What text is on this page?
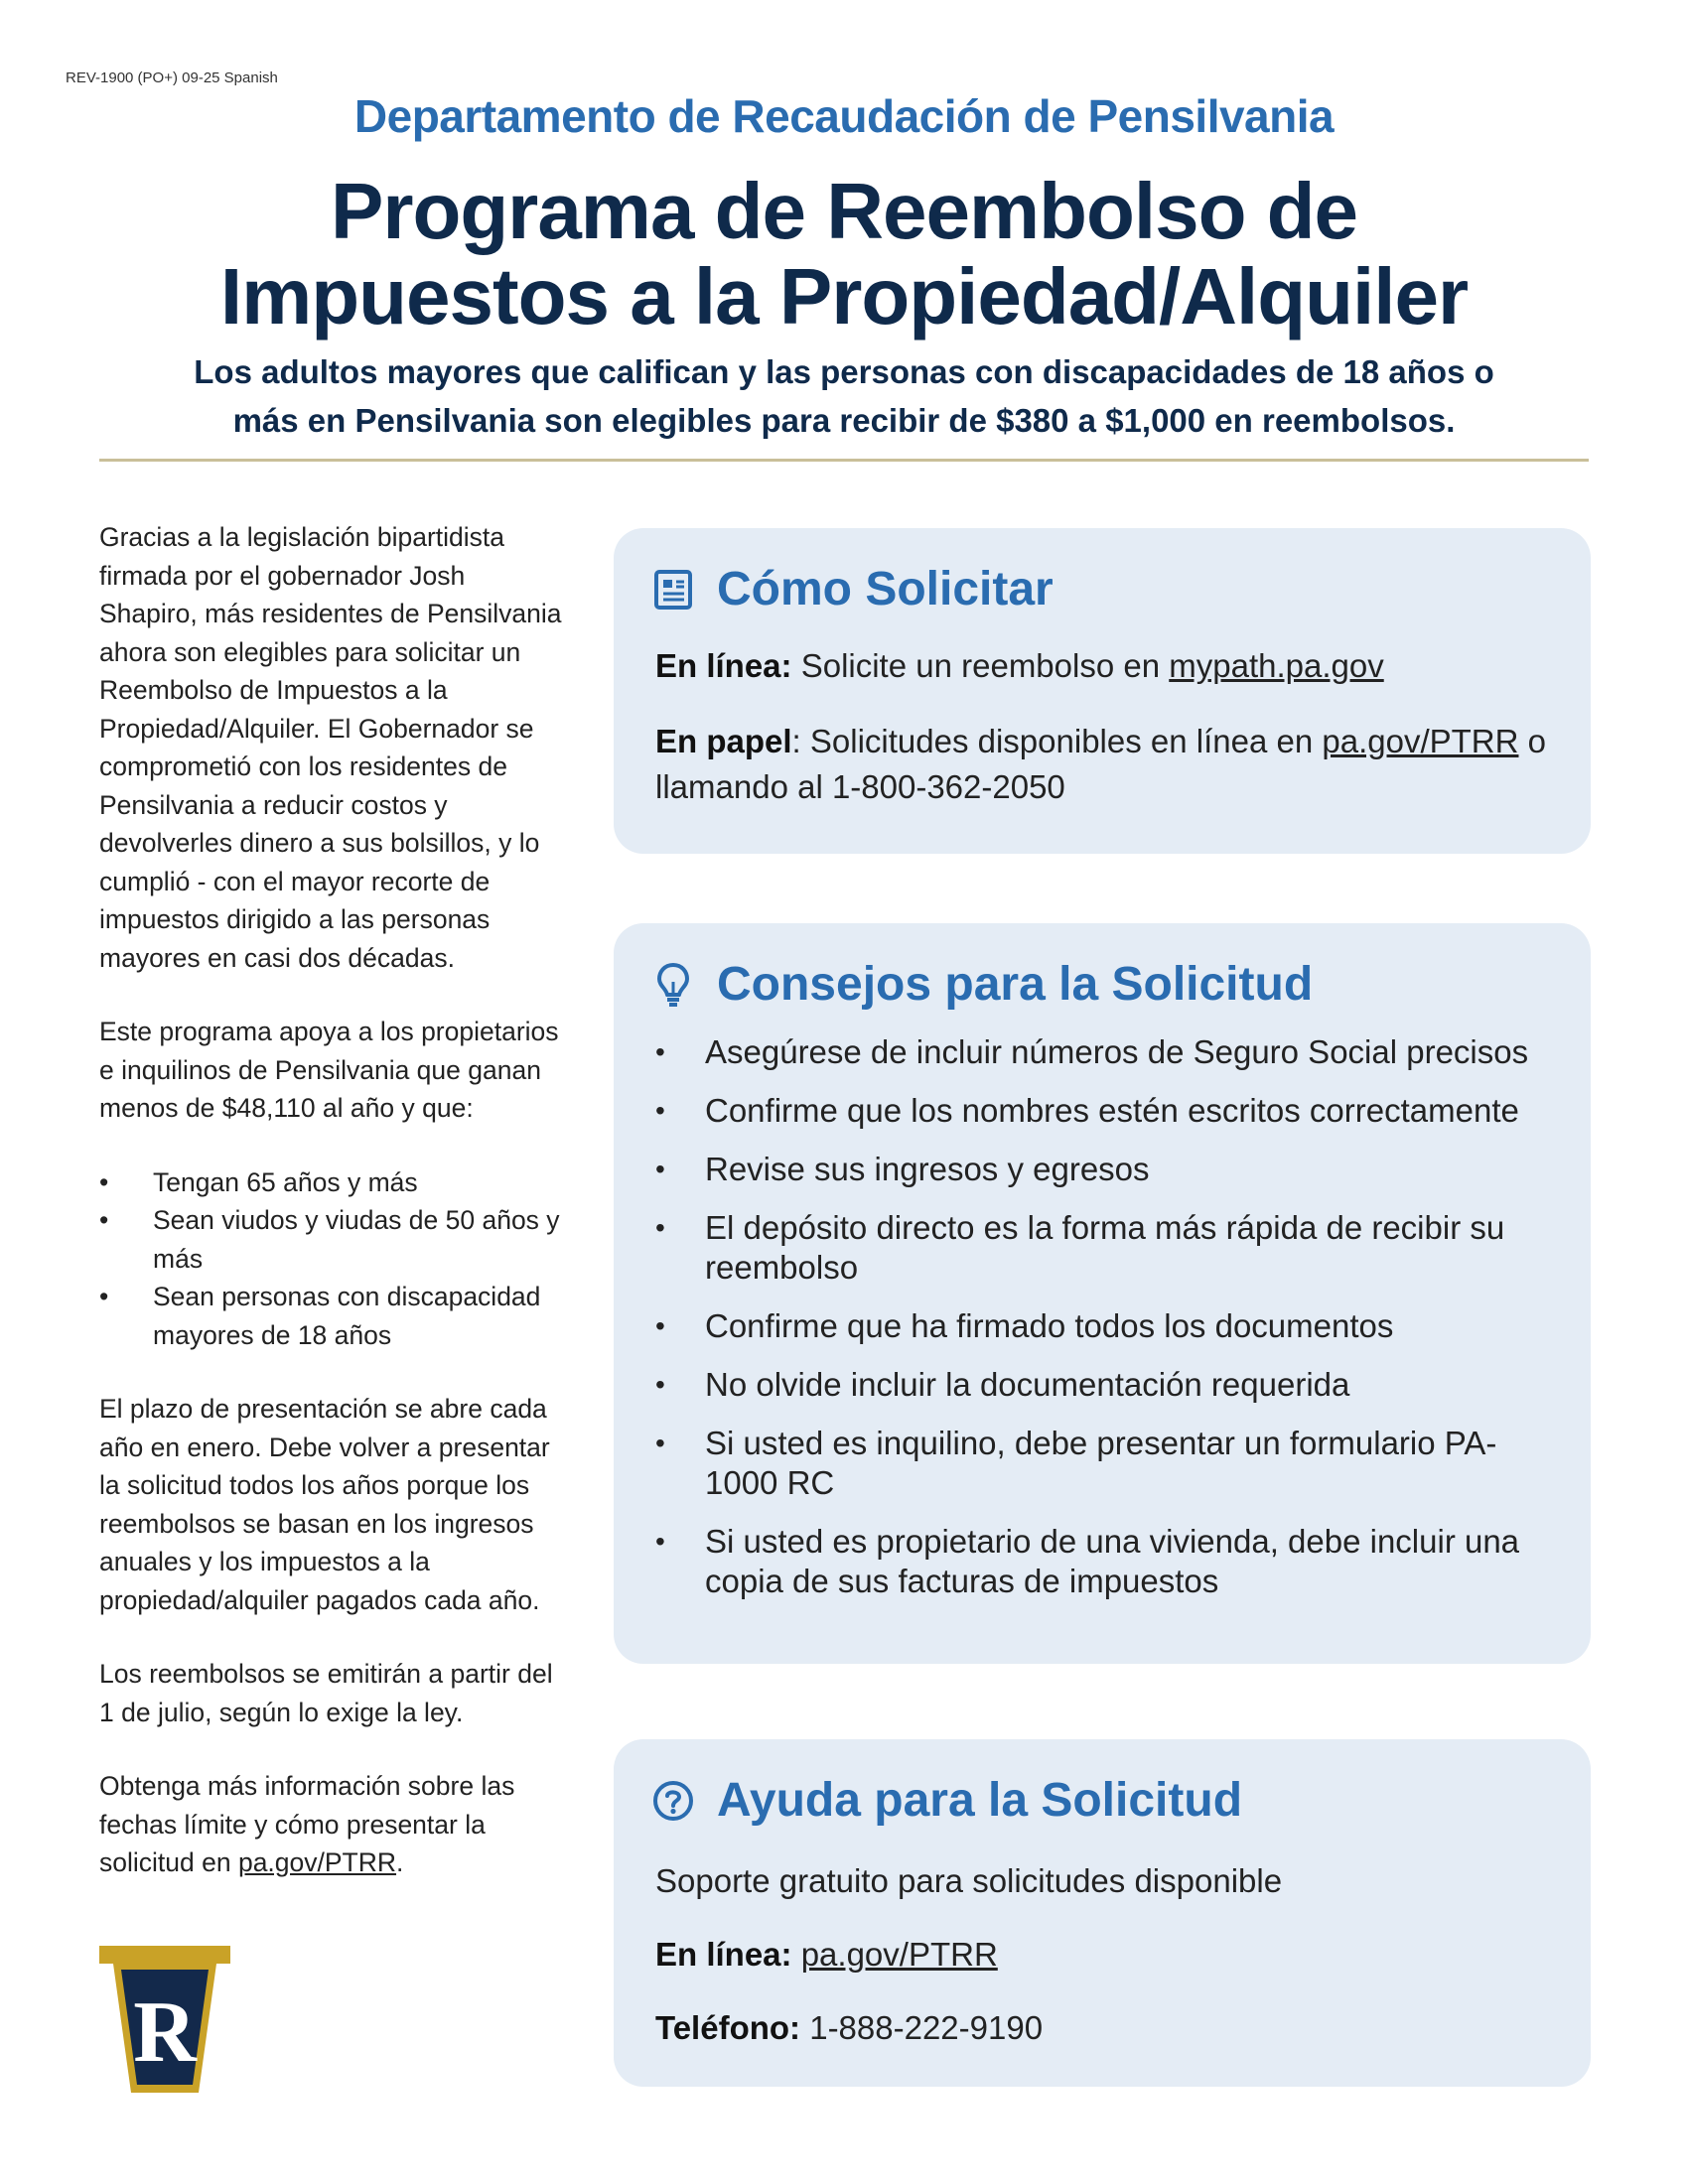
REV-1900 (PO+) 09-25 Spanish
Departamento de Recaudación de Pensilvania
Programa de Reembolso de
Impuestos a la Propiedad/Alquiler
Los adultos mayores que califican y las personas con discapacidades de 18 años o
más en Pensilvania son elegibles para recibir de $380 a $1,000 en reembolsos.

Gracias a la legislación bipartidista firmada por el gobernador Josh Shapiro, más residentes de Pensilvania ahora son elegibles para solicitar un Reembolso de Impuestos a la Propiedad/Alquiler. El Gobernador se comprometió con los residentes de Pensilvania a reducir costos y devolverles dinero a sus bolsillos, y lo cumplió - con el mayor recorte de impuestos dirigido a las personas mayores en casi dos décadas.

Este programa apoya a los propietarios e inquilinos de Pensilvania que ganan menos de $48,110 al año y que:

• Tengan 65 años y más
• Sean viudos y viudas de 50 años y más
• Sean personas con discapacidad mayores de 18 años

El plazo de presentación se abre cada año en enero. Debe volver a presentar la solicitud todos los años porque los reembolsos se basan en los ingresos anuales y los impuestos a la propiedad/alquiler pagados cada año.

Los reembolsos se emitirán a partir del 1 de julio, según lo exige la ley.

Obtenga más información sobre las fechas límite y cómo presentar la solicitud en pa.gov/PTRR.

R
Cómo Solicitar
En línea: Solicite un reembolso en mypath.pa.gov
En papel: Solicitudes disponibles en línea en pa.gov/PTRR o
llamando al 1-800-362-2050
Consejos para la Solicitud
• Asegúrese de incluir números de Seguro Social precisos
• Confirme que los nombres estén escritos correctamente
• Revise sus ingresos y egresos
• El depósito directo es la forma más rápida de recibir su reembolso
• Confirme que ha firmado todos los documentos
• No olvide incluir la documentación requerida
• Si usted es inquilino, debe presentar un formulario PA-1000 RC
• Si usted es propietario de una vivienda, debe incluir una copia de sus facturas de impuestos
Ayuda para la Solicitud
Soporte gratuito para solicitudes disponible
En línea: pa.gov/PTRR
Teléfono: 1-888-222-9190
